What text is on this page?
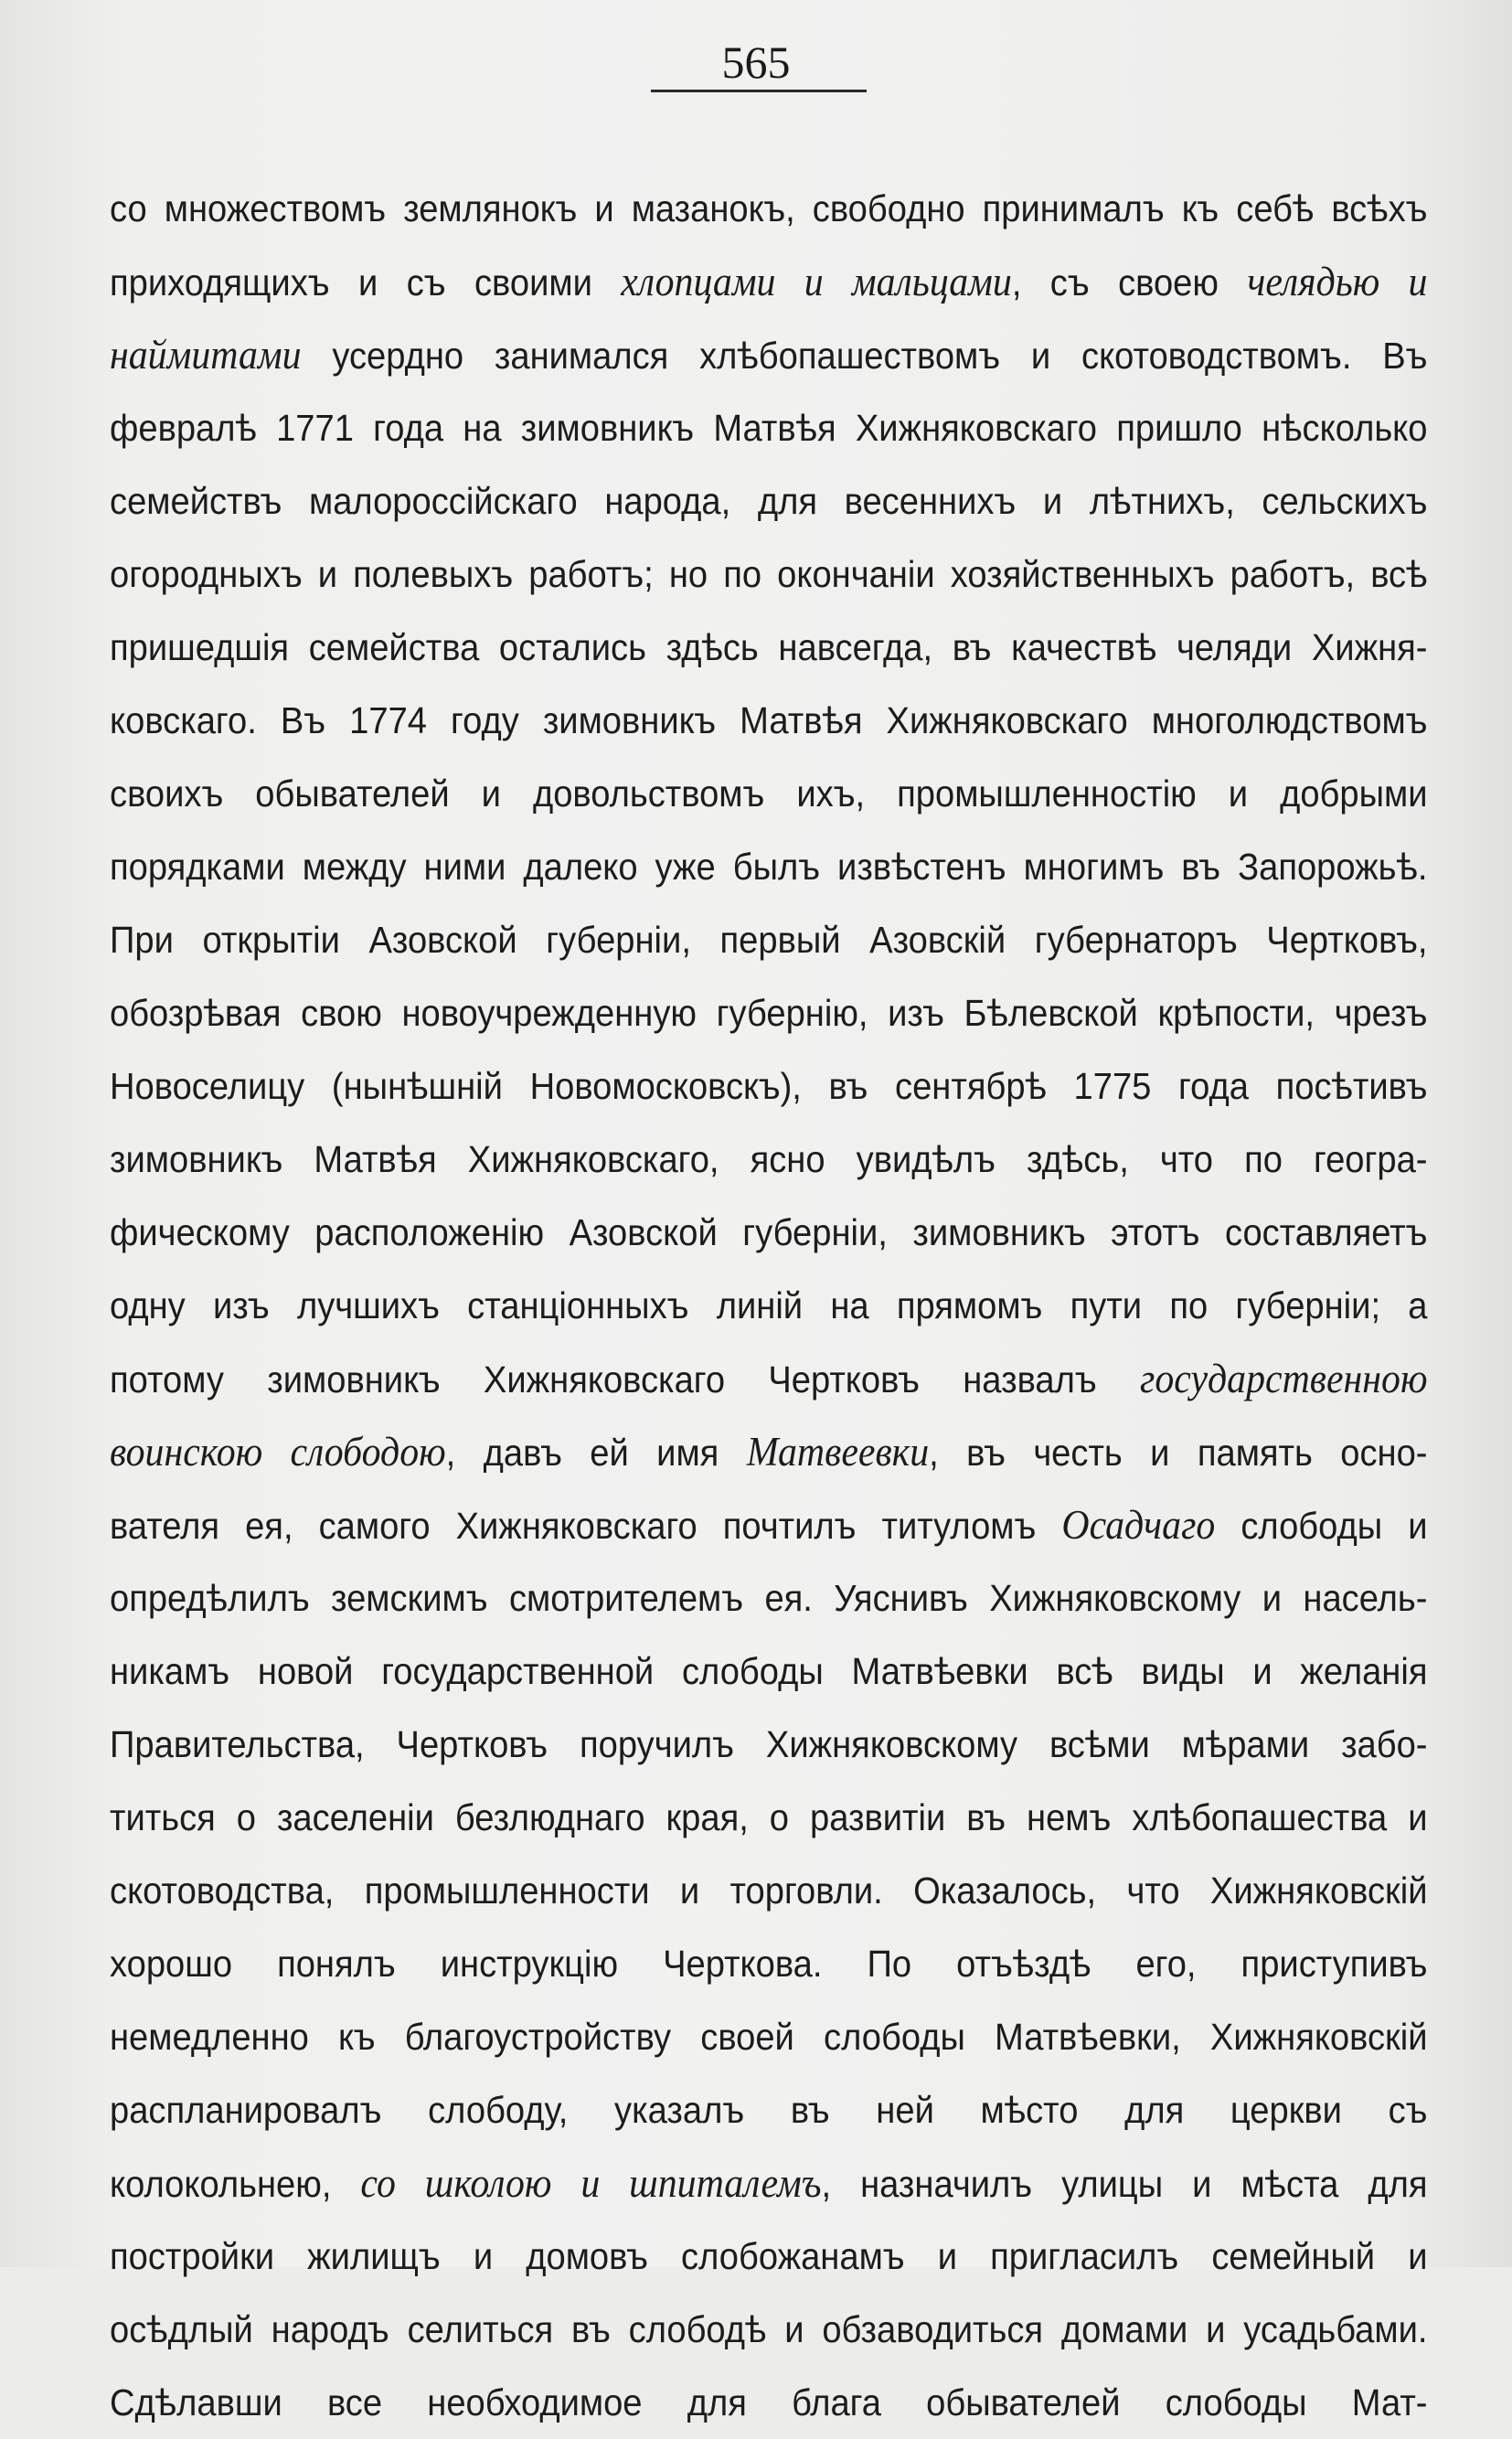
565
со множествомъ землянокъ и мазанокъ, свободно принималъ къ себѣ всѣхъ
приходящихъ и съ своими хлопцами и мальцами, съ своею челядью и
наймитами усердно занимался хлѣбопашествомъ и скотоводствомъ. Въ
февралѣ 1771 года на зимовникъ Матвѣя Хижняковскаго пришло нѣсколько
семействъ малороссійскаго народа, для весеннихъ и лѣтнихъ, сельскихъ
огородныхъ и полевыхъ работъ; но по окончаніи хозяйственныхъ работъ, всѣ
пришедшія семейства остались здѣсь навсегда, въ качествѣ челяди Хижня-
ковскаго. Въ 1774 году зимовникъ Матвѣя Хижняковскаго многолюдствомъ
своихъ обывателей и довольствомъ ихъ, промышленностію и добрыми
порядками между ними далеко уже былъ извѣстенъ многимъ въ Запорожьѣ.
При открытіи Азовской губерніи, первый Азовскій губернаторъ Чертковъ,
обозрѣвая свою новоучрежденную губернію, изъ Бѣлевской крѣпости, чрезъ
Новоселицу (нынѣшній Новомосковскъ), въ сентябрѣ 1775 года посѣтивъ
зимовникъ Матвѣя Хижняковскаго, ясно увидѣлъ здѣсь, что по геогра-
фическому расположенію Азовской губерніи, зимовникъ этотъ составляетъ
одну изъ лучшихъ станціонныхъ линій на прямомъ пути по губерніи; а
потому зимовникъ Хижняковскаго Чертковъ назвалъ государственною
воинскою слободою, давъ ей имя Матвеевки, въ честь и память осно-
вателя ея, самого Хижняковскаго почтилъ титуломъ Осадчаго слободы и
опредѣлилъ земскимъ смотрителемъ ея. Уяснивъ Хижняковскому и насель-
никамъ новой государственной слободы Матвѣевки всѣ виды и желанія
Правительства, Чертковъ поручилъ Хижняковскому всѣми мѣрами забо-
титься о заселеніи безлюднаго края, о развитіи въ немъ хлѣбопашества и
скотоводства, промышленности и торговли. Оказалось, что Хижняковскій
хорошо понялъ инструкцію Черткова. По отъѣздѣ его, приступивъ
немедленно къ благоустройству своей слободы Матвѣевки, Хижняковскій
распланировалъ слободу, указалъ въ ней мѣсто для церкви съ
колокольнею, со школою и шпиталемъ, назначилъ улицы и мѣста для
постройки жилищъ и домовъ слобожанамъ и пригласилъ семейный и
осѣдлый народъ селиться въ слободѣ и обзаводиться домами и усадьбами.
Сдѣлавши все необходимое для блага обывателей слободы Мат-
